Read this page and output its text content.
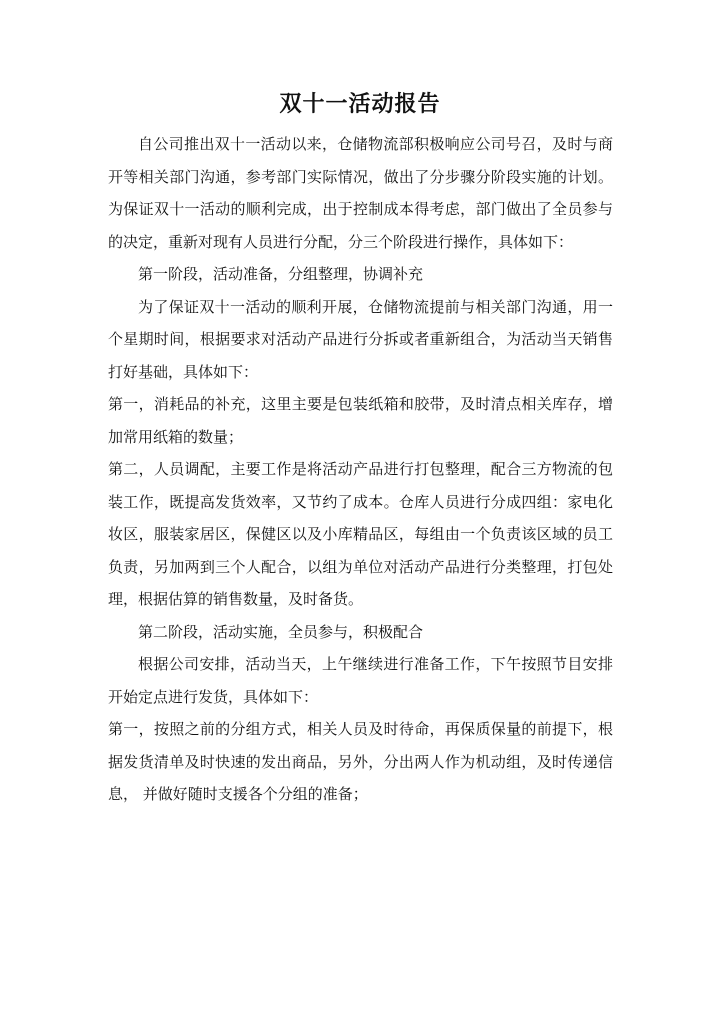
双十一活动报告

自公司推出双十一活动以来，仓储物流部积极响应公司号召，及时与商开等相关部门沟通，参考部门实际情况，做出了分步骤分阶段实施的计划。为保证双十一活动的顺利完成，出于控制成本得考虑，部门做出了全员参与的决定，重新对现有人员进行分配，分三个阶段进行操作，具体如下：

第一阶段，活动准备，分组整理，协调补充

为了保证双十一活动的顺利开展，仓储物流提前与相关部门沟通，用一个星期时间，根据要求对活动产品进行分拆或者重新组合，为活动当天销售打好基础，具体如下：

第一，消耗品的补充，这里主要是包装纸箱和胶带，及时清点相关库存，增加常用纸箱的数量；

第二，人员调配，主要工作是将活动产品进行打包整理，配合三方物流的包装工作，既提高发货效率，又节约了成本。仓库人员进行分成四组：家电化妆区，服装家居区，保健区以及小库精品区，每组由一个负责该区域的员工负责，另加两到三个人配合，以组为单位对活动产品进行分类整理，打包处理，根据估算的销售数量，及时备货。

第二阶段，活动实施，全员参与，积极配合

根据公司安排，活动当天，上午继续进行准备工作，下午按照节目安排开始定点进行发货，具体如下：

第一，按照之前的分组方式，相关人员及时待命，再保质保量的前提下，根据发货清单及时快速的发出商品，另外，分出两人作为机动组，及时传递信息， 并做好随时支援各个分组的准备；
